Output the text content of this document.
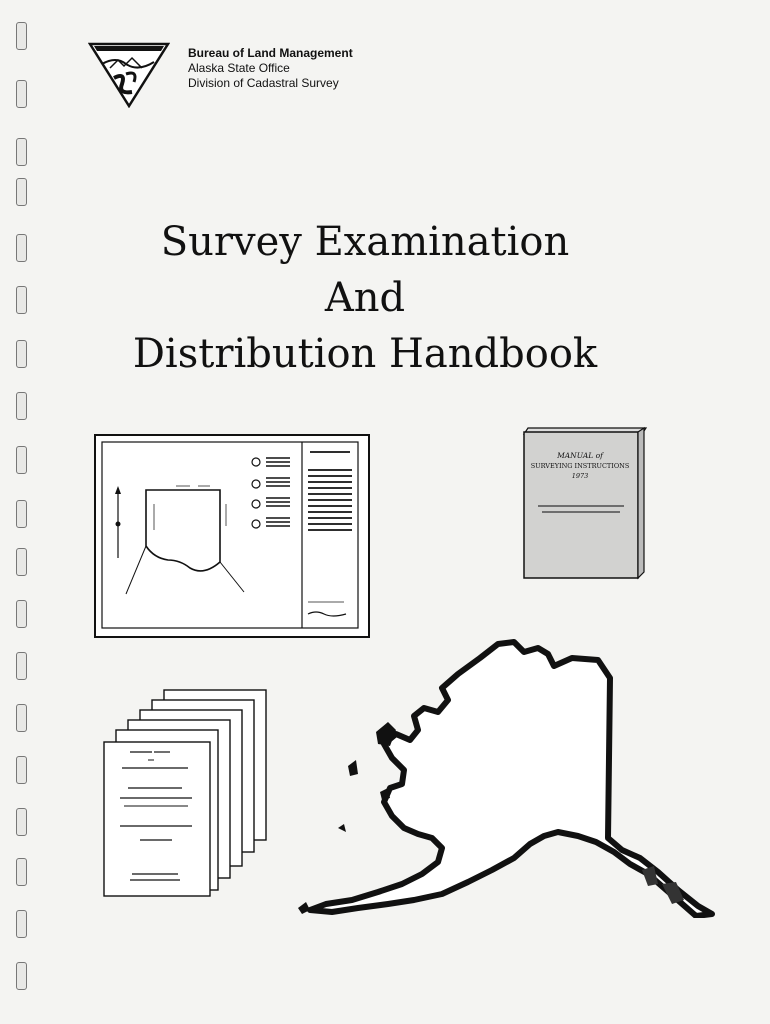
Bureau of Land Management
Alaska State Office
Division of Cadastral Survey
Survey Examination
And
Distribution Handbook
MANUAL of
SURVEYING INSTRUCTIONS
1973
